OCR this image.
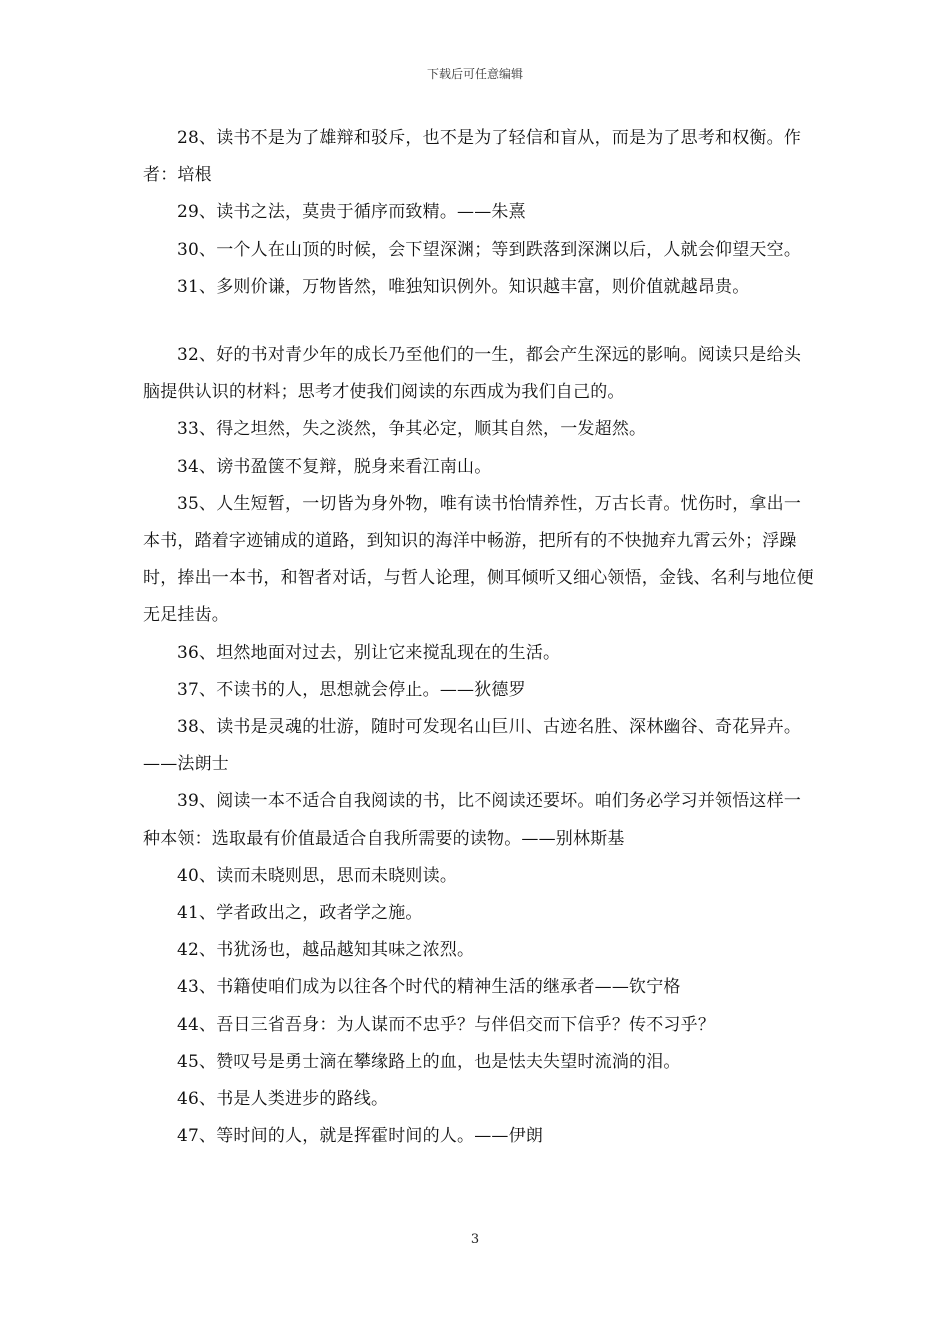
下载后可任意编辑

28、读书不是为了雄辩和驳斥，也不是为了轻信和盲从，而是为了思考和权衡。作者：培根

29、读书之法，莫贵于循序而致精。——朱熹

30、一个人在山顶的时候，会下望深渊；等到跌落到深渊以后，人就会仰望天空。

31、多则价谦，万物皆然，唯独知识例外。知识越丰富，则价值就越昂贵。

32、好的书对青少年的成长乃至他们的一生，都会产生深远的影响。阅读只是给头脑提供认识的材料；思考才使我们阅读的东西成为我们自己的。

33、得之坦然，失之淡然，争其必定，顺其自然，一发超然。

34、谤书盈箧不复辩，脱身来看江南山。

35、人生短暂，一切皆为身外物，唯有读书怡情养性，万古长青。忧伤时，拿出一本书，踏着字迹铺成的道路，到知识的海洋中畅游，把所有的不快抛弃九霄云外；浮躁时，捧出一本书，和智者对话，与哲人论理，侧耳倾听又细心领悟，金钱、名利与地位便无足挂齿。

36、坦然地面对过去，别让它来搅乱现在的生活。

37、不读书的人，思想就会停止。——狄德罗

38、读书是灵魂的壮游，随时可发现名山巨川、古迹名胜、深林幽谷、奇花异卉。——法朗士

39、阅读一本不适合自我阅读的书，比不阅读还要坏。咱们务必学习并领悟这样一种本领：选取最有价值最适合自我所需要的读物。——别林斯基

40、读而未晓则思，思而未晓则读。

41、学者政出之，政者学之施。

42、书犹汤也，越品越知其味之浓烈。

43、书籍使咱们成为以往各个时代的精神生活的继承者——钦宁格

44、吾日三省吾身：为人谋而不忠乎？与伴侣交而下信乎？传不习乎？

45、赞叹号是勇士滴在攀缘路上的血，也是怯夫失望时流淌的泪。

46、书是人类进步的路线。

47、等时间的人，就是挥霍时间的人。——伊朗

3
